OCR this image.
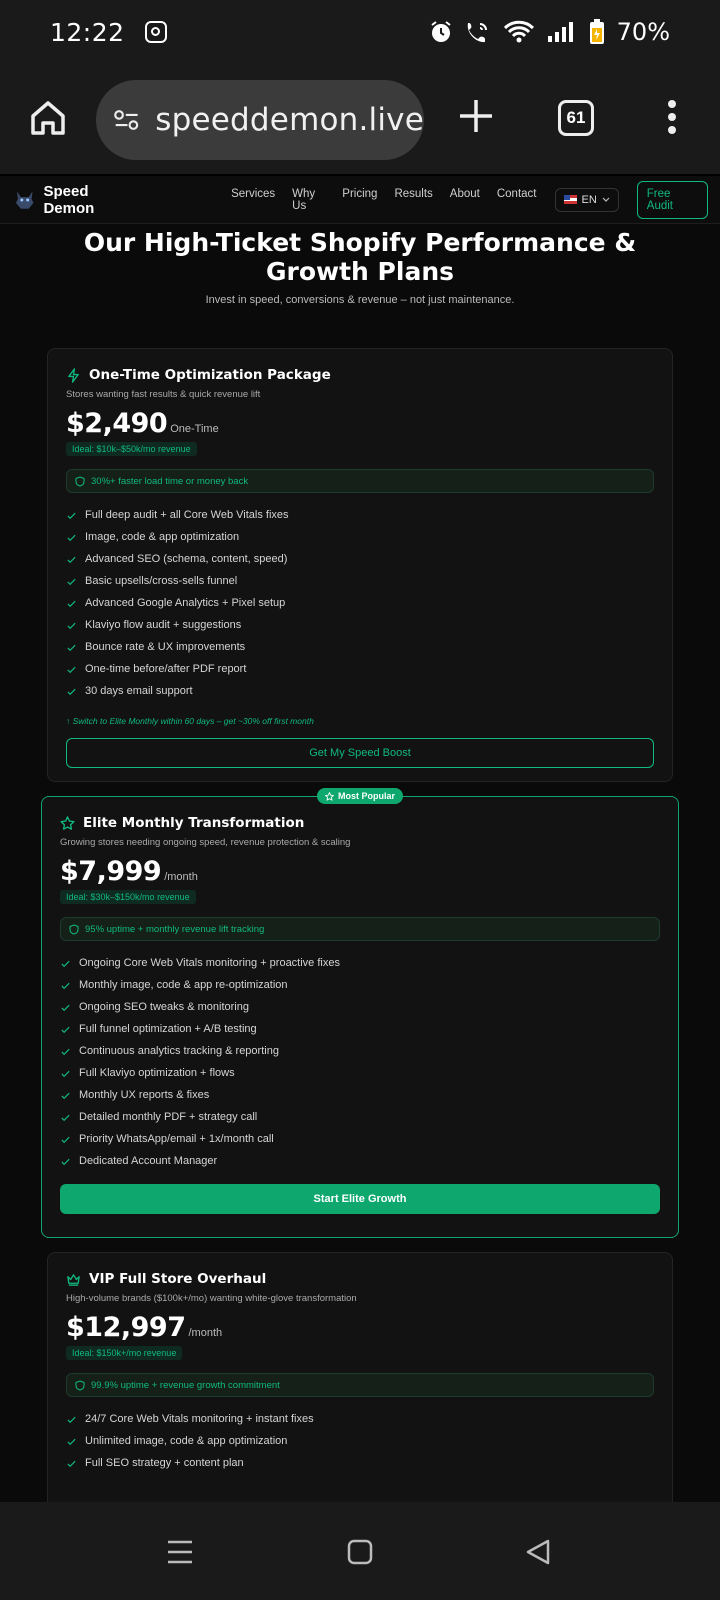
12:22	70%
speeddemon.live	61
Speed Demon
Services Why Us
Pricing Results About Contact	EN	Free Audit
Our High-Ticket Shopify Performance & Growth Plans

Invest in speed, conversions & revenue – not just maintenance.

One-Time Optimization Package
Stores wanting fast results & quick revenue lift
$2,490 One-Time
Ideal: $10k–$50k/mo revenue
30%+ faster load time or money back
Full deep audit + all Core Web Vitals fixes
Image, code & app optimization
Advanced SEO (schema, content, speed)
Basic upsells/cross-sells funnel
Advanced Google Analytics + Pixel setup
Klaviyo flow audit + suggestions
Bounce rate & UX improvements
One-time before/after PDF report
30 days email support
↑ Switch to Elite Monthly within 60 days – get ~30% off first month
Get My Speed Boost
Most Popular
Elite Monthly Transformation
Growing stores needing ongoing speed, revenue protection & scaling
$7,999 /month
Ideal: $30k–$150k/mo revenue
95% uptime + monthly revenue lift tracking
Ongoing Core Web Vitals monitoring + proactive fixes
Monthly image, code & app re-optimization
Ongoing SEO tweaks & monitoring
Full funnel optimization + A/B testing
Continuous analytics tracking & reporting
Full Klaviyo optimization + flows
Monthly UX reports & fixes
Detailed monthly PDF + strategy call
Priority WhatsApp/email + 1x/month call
Dedicated Account Manager
Start Elite Growth
VIP Full Store Overhaul
High-volume brands ($100k+/mo) wanting white-glove transformation
$12,997 /month
Ideal: $150k+/mo revenue
99.9% uptime + revenue growth commitment
24/7 Core Web Vitals monitoring + instant fixes
Unlimited image, code & app optimization
Full SEO strategy + content plan
